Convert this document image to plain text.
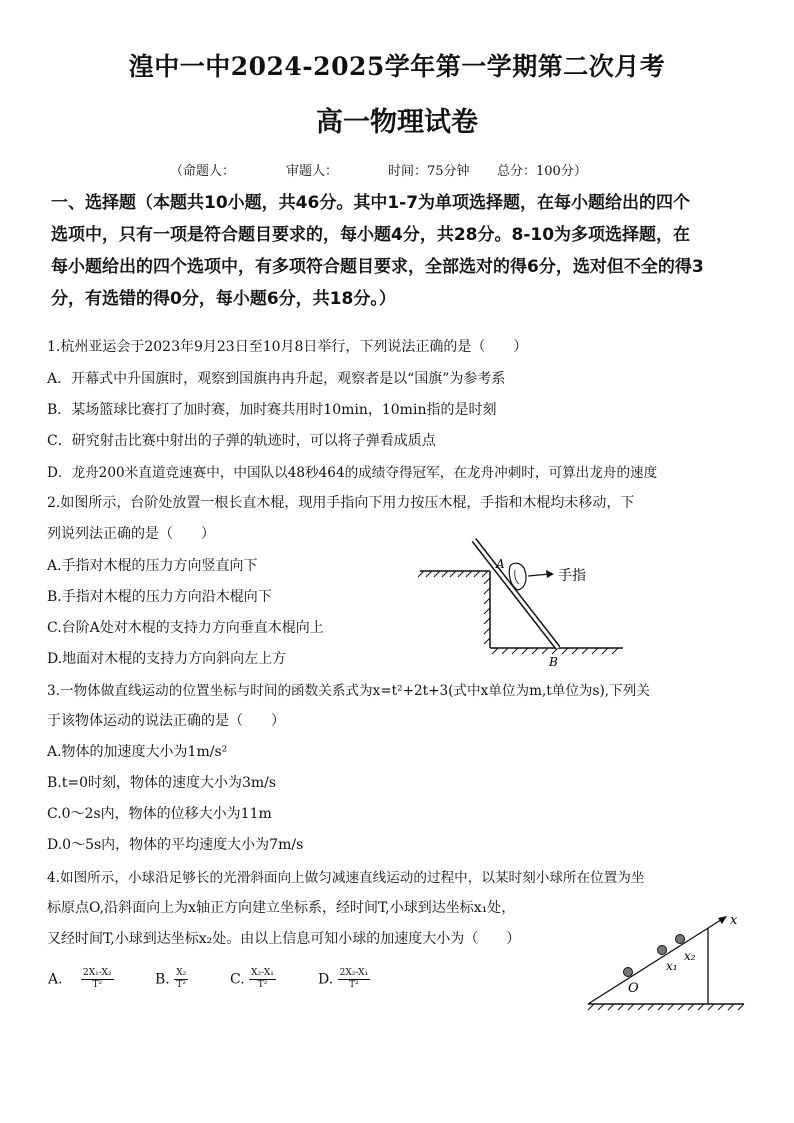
湟中一中2024-2025学年第一学期第二次月考
高一物理试卷
（命题人：	审题人：	时间：75分钟 总分：100分）
一、选择题（本题共10小题，共46分。其中1-7为单项选择题，在每小题给出的四个
选项中，只有一项是符合题目要求的，每小题4分，共28分。8-10为多项选择题，在
每小题给出的四个选项中，有多项符合题目要求，全部选对的得6分，选对但不全的得3
分，有选错的得0分，每小题6分，共18分。）
1.杭州亚运会于2023年9月23日至10月8日举行，下列说法正确的是（　　）
A．开幕式中升国旗时，观察到国旗冉冉升起，观察者是以“国旗”为参考系
B．某场篮球比赛打了加时赛，加时赛共用时10min，10min指的是时刻
C．研究射击比赛中射出的子弹的轨迹时，可以将子弹看成质点
D．龙舟200米直道竞速赛中，中国队以48秒464的成绩夺得冠军，在龙舟冲刺时，可算出龙舟的速度
2.如图所示，台阶处放置一根长直木棍，现用手指向下用力按压木棍，手指和木棍均未移动，下
列说列法正确的是（　　）
A.手指对木棍的压力方向竖直向下
B.手指对木棍的压力方向沿木棍向下
C.台阶A处对木棍的支持力方向垂直木棍向上
D.地面对木棍的支持力方向斜向左上方
手指
A
B
3.一物体做直线运动的位置坐标与时间的函数关系式为x=t²+2t+3(式中x单位为m,t单位为s),下列关
于该物体运动的说法正确的是（　　）
A.物体的加速度大小为1m/s²
B.t=0时刻，物体的速度大小为3m/s
C.0～2s内，物体的位移大小为11m
D.0～5s内，物体的平均速度大小为7m/s
4.如图所示，小球沿足够长的光滑斜面向上做匀减速直线运动的过程中，以某时刻小球所在位置为坐
标原点O,沿斜面向上为x轴正方向建立坐标系，经时间T,小球到达坐标x₁处，
又经时间T,小球到达坐标x₂处。由以上信息可知小球的加速度大小为（　　）
A. $\frac{\text{2X₁-X₂}}{\text{T²}}$	B. $\frac{\text{X₂}}{\text{T²}}$	C. $\frac{\text{X₂-X₁}}{\text{T²}}$	D. $\frac{\text{2X₂-X₁}}{\text{T²}}$
x
O
x₁
x₂
